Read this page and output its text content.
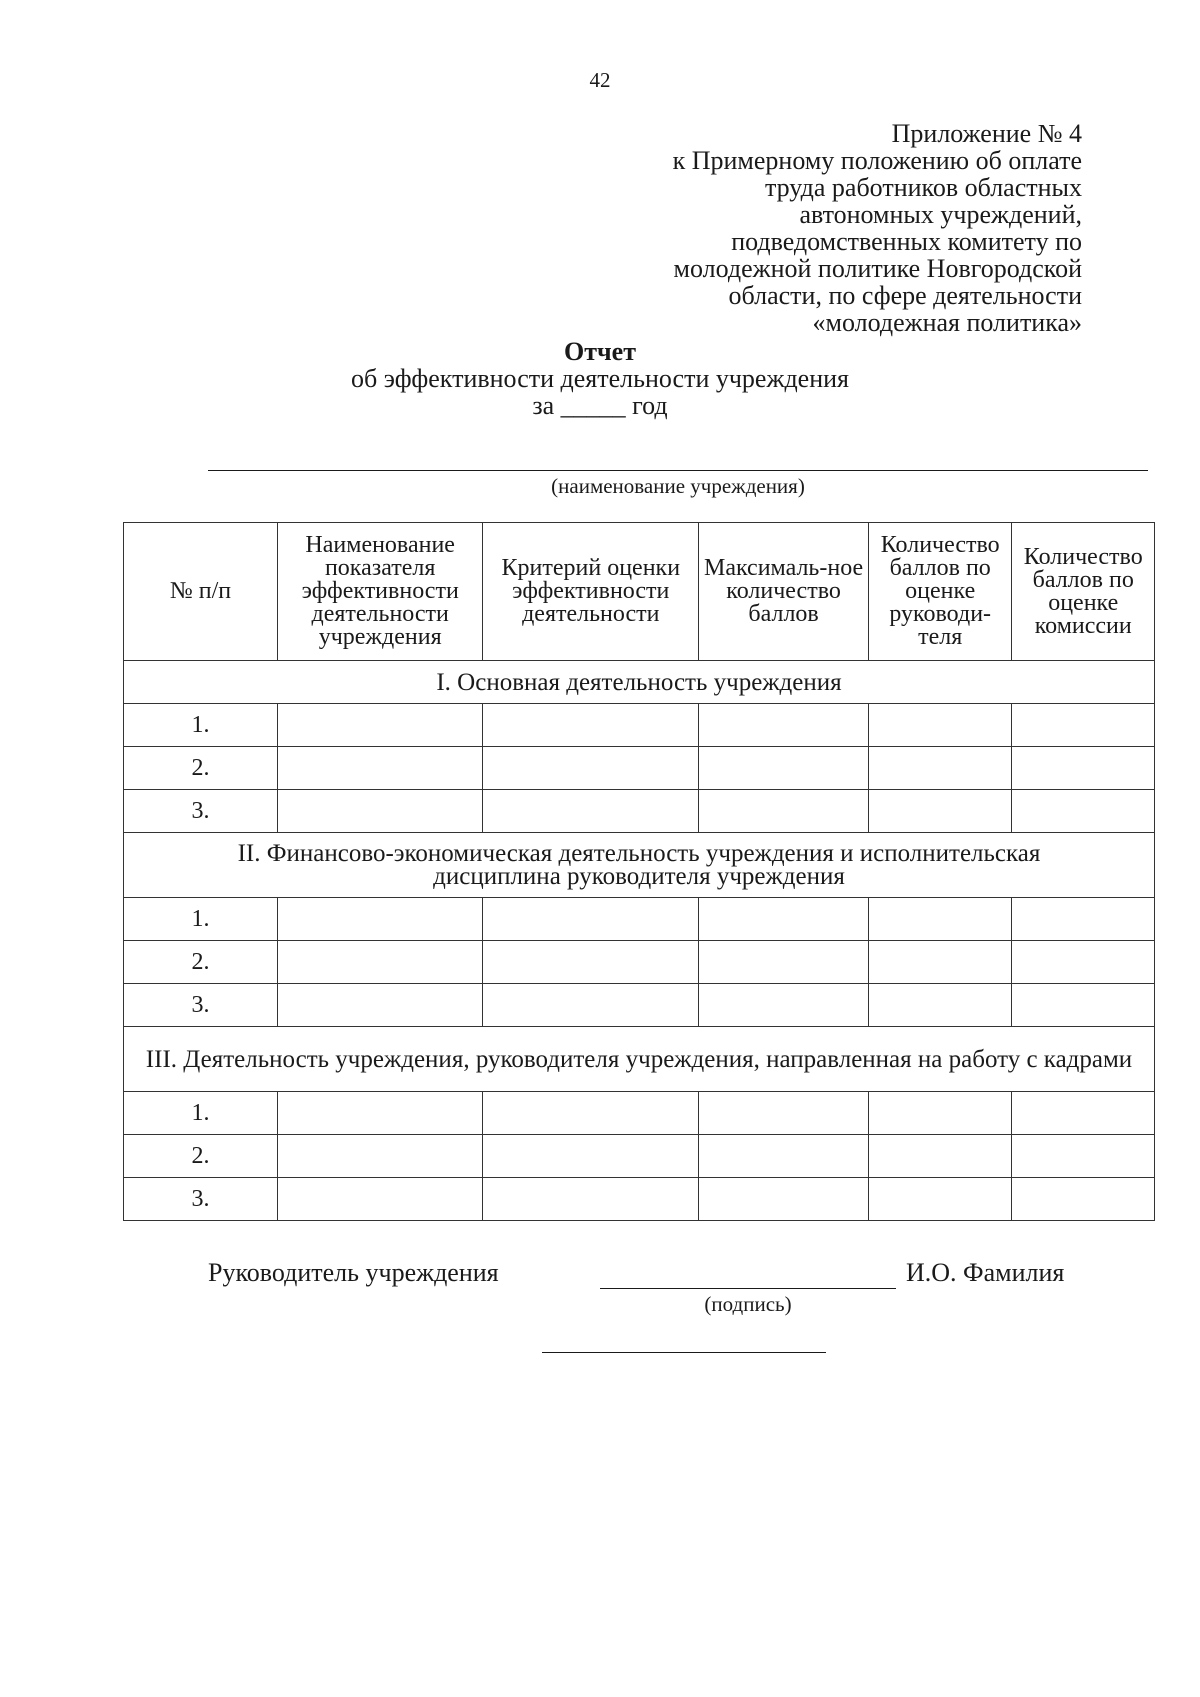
42
Приложение № 4
к Примерному положению об оплате
труда работников областных
автономных учреждений,
подведомственных комитету по
молодежной политике Новгородской
области, по сфере деятельности
«молодежная политика»
Отчет
об эффективности деятельности учреждения
за _____ год
(наименование учреждения)
№ п/п	Наименование показателя эффективности деятельности учреждения	Критерий оценки эффективности деятельности	Максималь-ное количество баллов	Количество баллов по оценке руководи-теля	Количество баллов по оценке комиссии
I. Основная деятельность учреждения					
1.					
2.					
3.					
II. Финансово-экономическая деятельность учреждения и исполнительская дисциплина руководителя учреждения					
1.					
2.					
3.					
III. Деятельность учреждения, руководителя учреждения, направленная на работу с кадрами					
1.					
2.					
3.					
Руководитель учреждения	И.О. Фамилия
(подпись)
